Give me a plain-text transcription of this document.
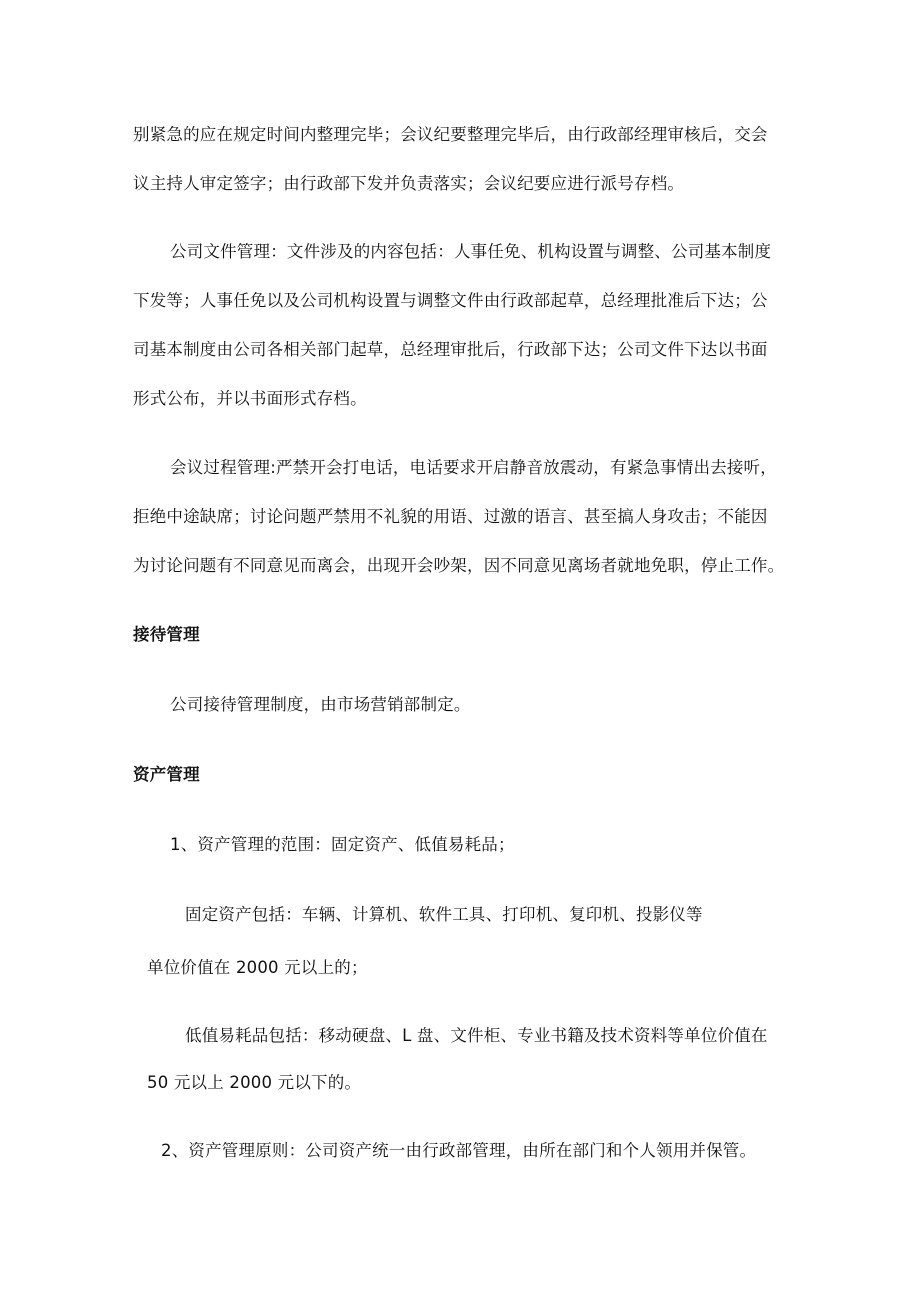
别紧急的应在规定时间内整理完毕；会议纪要整理完毕后，由行政部经理审核后，交会
议主持人审定签字；由行政部下发并负责落实；会议纪要应进行派号存档。
公司文件管理：文件涉及的内容包括：人事任免、机构设置与调整、公司基本制度
下发等；人事任免以及公司机构设置与调整文件由行政部起草，总经理批准后下达；公
司基本制度由公司各相关部门起草，总经理审批后，行政部下达；公司文件下达以书面
形式公布，并以书面形式存档。
会议过程管理:严禁开会打电话，电话要求开启静音放震动，有紧急事情出去接听，
拒绝中途缺席；讨论问题严禁用不礼貌的用语、过激的语言、甚至搞人身攻击；不能因
为讨论问题有不同意见而离会，出现开会吵架，因不同意见离场者就地免职，停止工作。
接待管理
公司接待管理制度，由市场营销部制定。
资产管理
1、资产管理的范围：固定资产、低值易耗品；
固定资产包括：车辆、计算机、软件工具、打印机、复印机、投影仪等
单位价值在 2000 元以上的；
低值易耗品包括：移动硬盘、L 盘、文件柜、专业书籍及技术资料等单位价值在
50 元以上 2000 元以下的。
2、资产管理原则：公司资产统一由行政部管理，由所在部门和个人领用并保管。
